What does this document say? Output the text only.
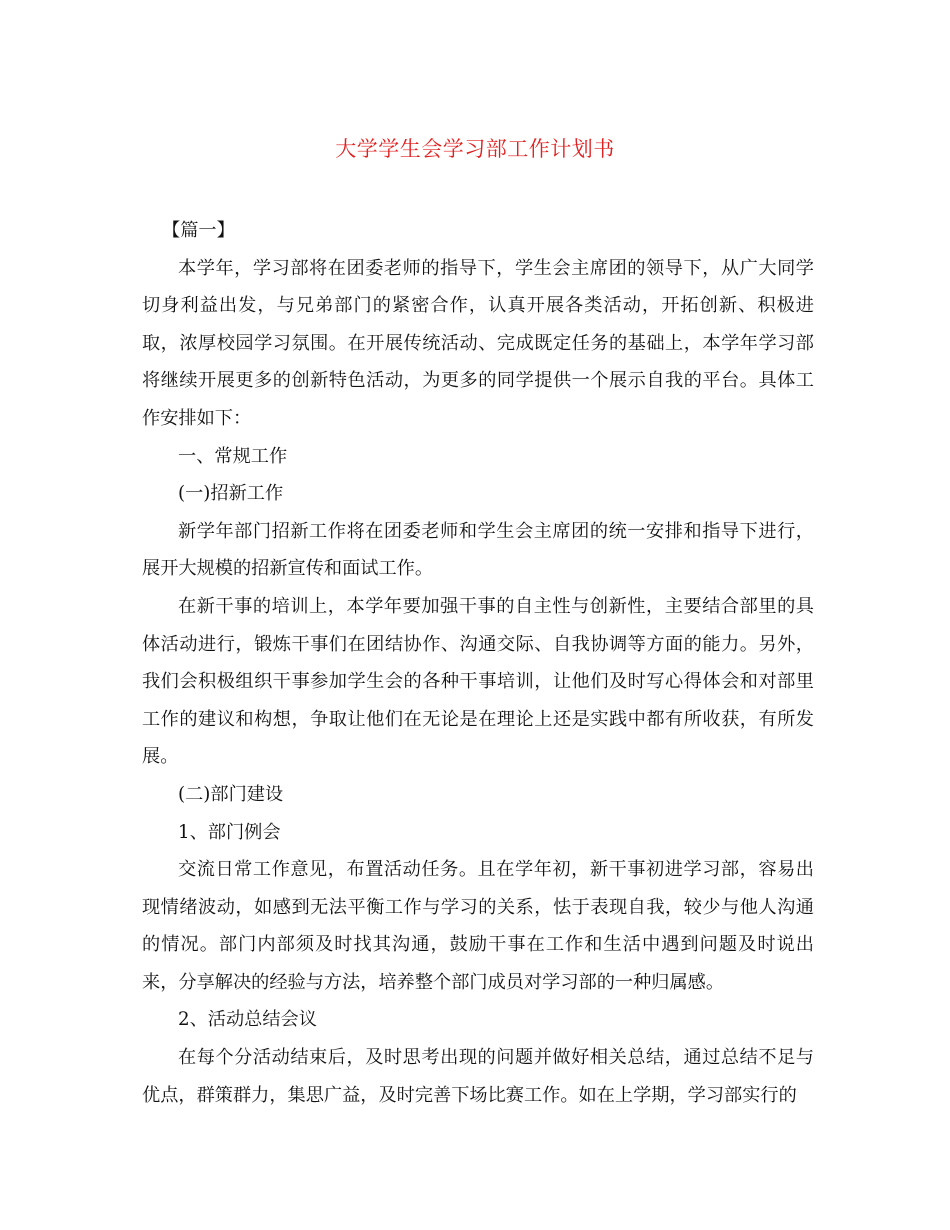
大学学生会学习部工作计划书

【篇一】

本学年，学习部将在团委老师的指导下，学生会主席团的领导下，从广大同学切身利益出发，与兄弟部门的紧密合作，认真开展各类活动，开拓创新、积极进取，浓厚校园学习氛围。在开展传统活动、完成既定任务的基础上，本学年学习部将继续开展更多的创新特色活动，为更多的同学提供一个展示自我的平台。具体工作安排如下：

一、常规工作

(一)招新工作

新学年部门招新工作将在团委老师和学生会主席团的统一安排和指导下进行，展开大规模的招新宣传和面试工作。

在新干事的培训上，本学年要加强干事的自主性与创新性，主要结合部里的具体活动进行，锻炼干事们在团结协作、沟通交际、自我协调等方面的能力。另外，我们会积极组织干事参加学生会的各种干事培训，让他们及时写心得体会和对部里工作的建议和构想，争取让他们在无论是在理论上还是实践中都有所收获，有所发展。

(二)部门建设

1、部门例会

交流日常工作意见，布置活动任务。且在学年初，新干事初进学习部，容易出现情绪波动，如感到无法平衡工作与学习的关系，怯于表现自我，较少与他人沟通的情况。部门内部须及时找其沟通，鼓励干事在工作和生活中遇到问题及时说出来，分享解决的经验与方法，培养整个部门成员对学习部的一种归属感。

2、活动总结会议

在每个分活动结束后，及时思考出现的问题并做好相关总结，通过总结不足与优点，群策群力，集思广益，及时完善下场比赛工作。如在上学期，学习部实行的
